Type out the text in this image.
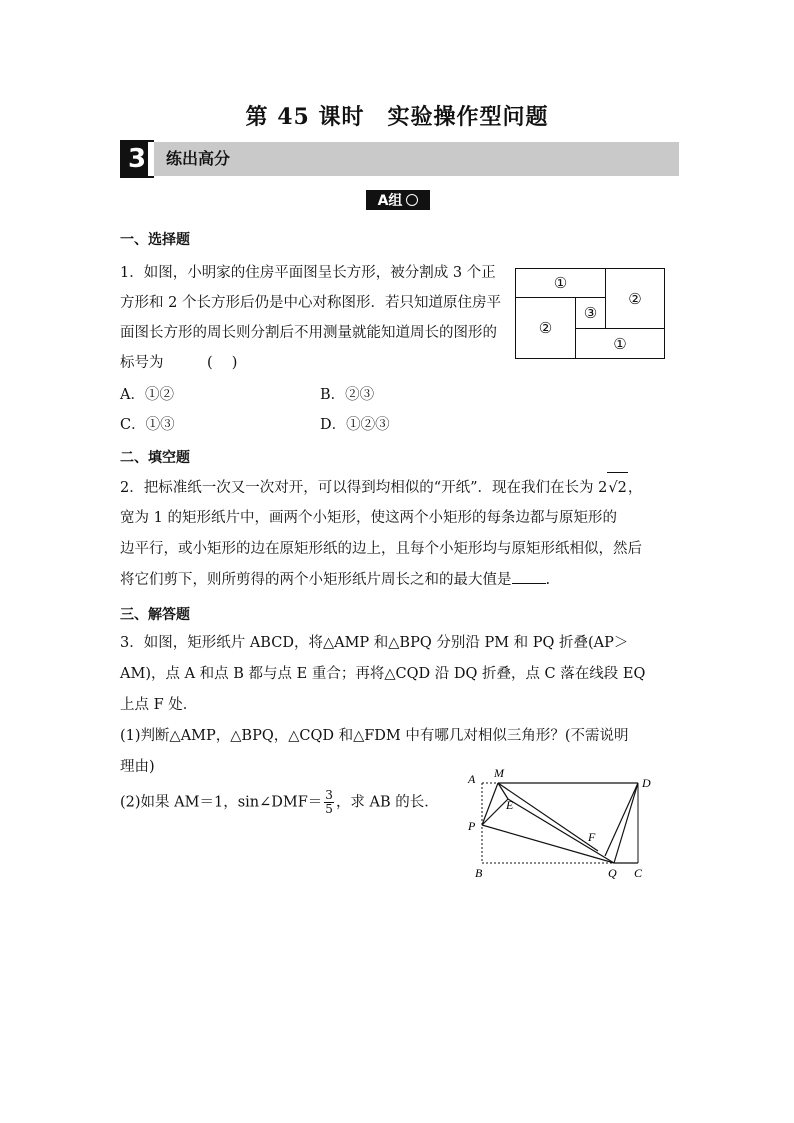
第 45 课时　实验操作型问题
3	练出高分
A组
一、选择题
1．如图，小明家的住房平面图呈长方形，被分割成 3 个正方形和 2 个长方形后仍是中心对称图形．若只知道原住房平面图长方形的周长则分割后不用测量就能知道周长的图形的标号为　　　(　 )
①
②
②
③
①
A．①②	B．②③
C．①③	D．①②③
二、填空题
2．把标准纸一次又一次对开，可以得到均相似的“开纸”．现在我们在长为 2√2，
宽为 1 的矩形纸片中，画两个小矩形，使这两个小矩形的每条边都与原矩形的
边平行，或小矩形的边在原矩形纸的边上，且每个小矩形均与原矩形纸相似，然后
将它们剪下，则所剪得的两个小矩形纸片周长之和的最大值是 .
三、解答题
3．如图，矩形纸片 ABCD，将△AMP 和△BPQ 分别沿 PM 和 PQ 折叠(AP＞
AM)，点 A 和点 B 都与点 E 重合；再将△CQD 沿 DQ 折叠，点 C 落在线段 EQ
上点 F 处．
(1)判断△AMP，△BPQ，△CQD 和△FDM 中有哪几对相似三角形？(不需说明
理由)
(2)如果 AM＝1，sin∠DMF＝ $\frac{3}{5}$ ，求 AB 的长．
A M
D
E
P
F
B	Q C
